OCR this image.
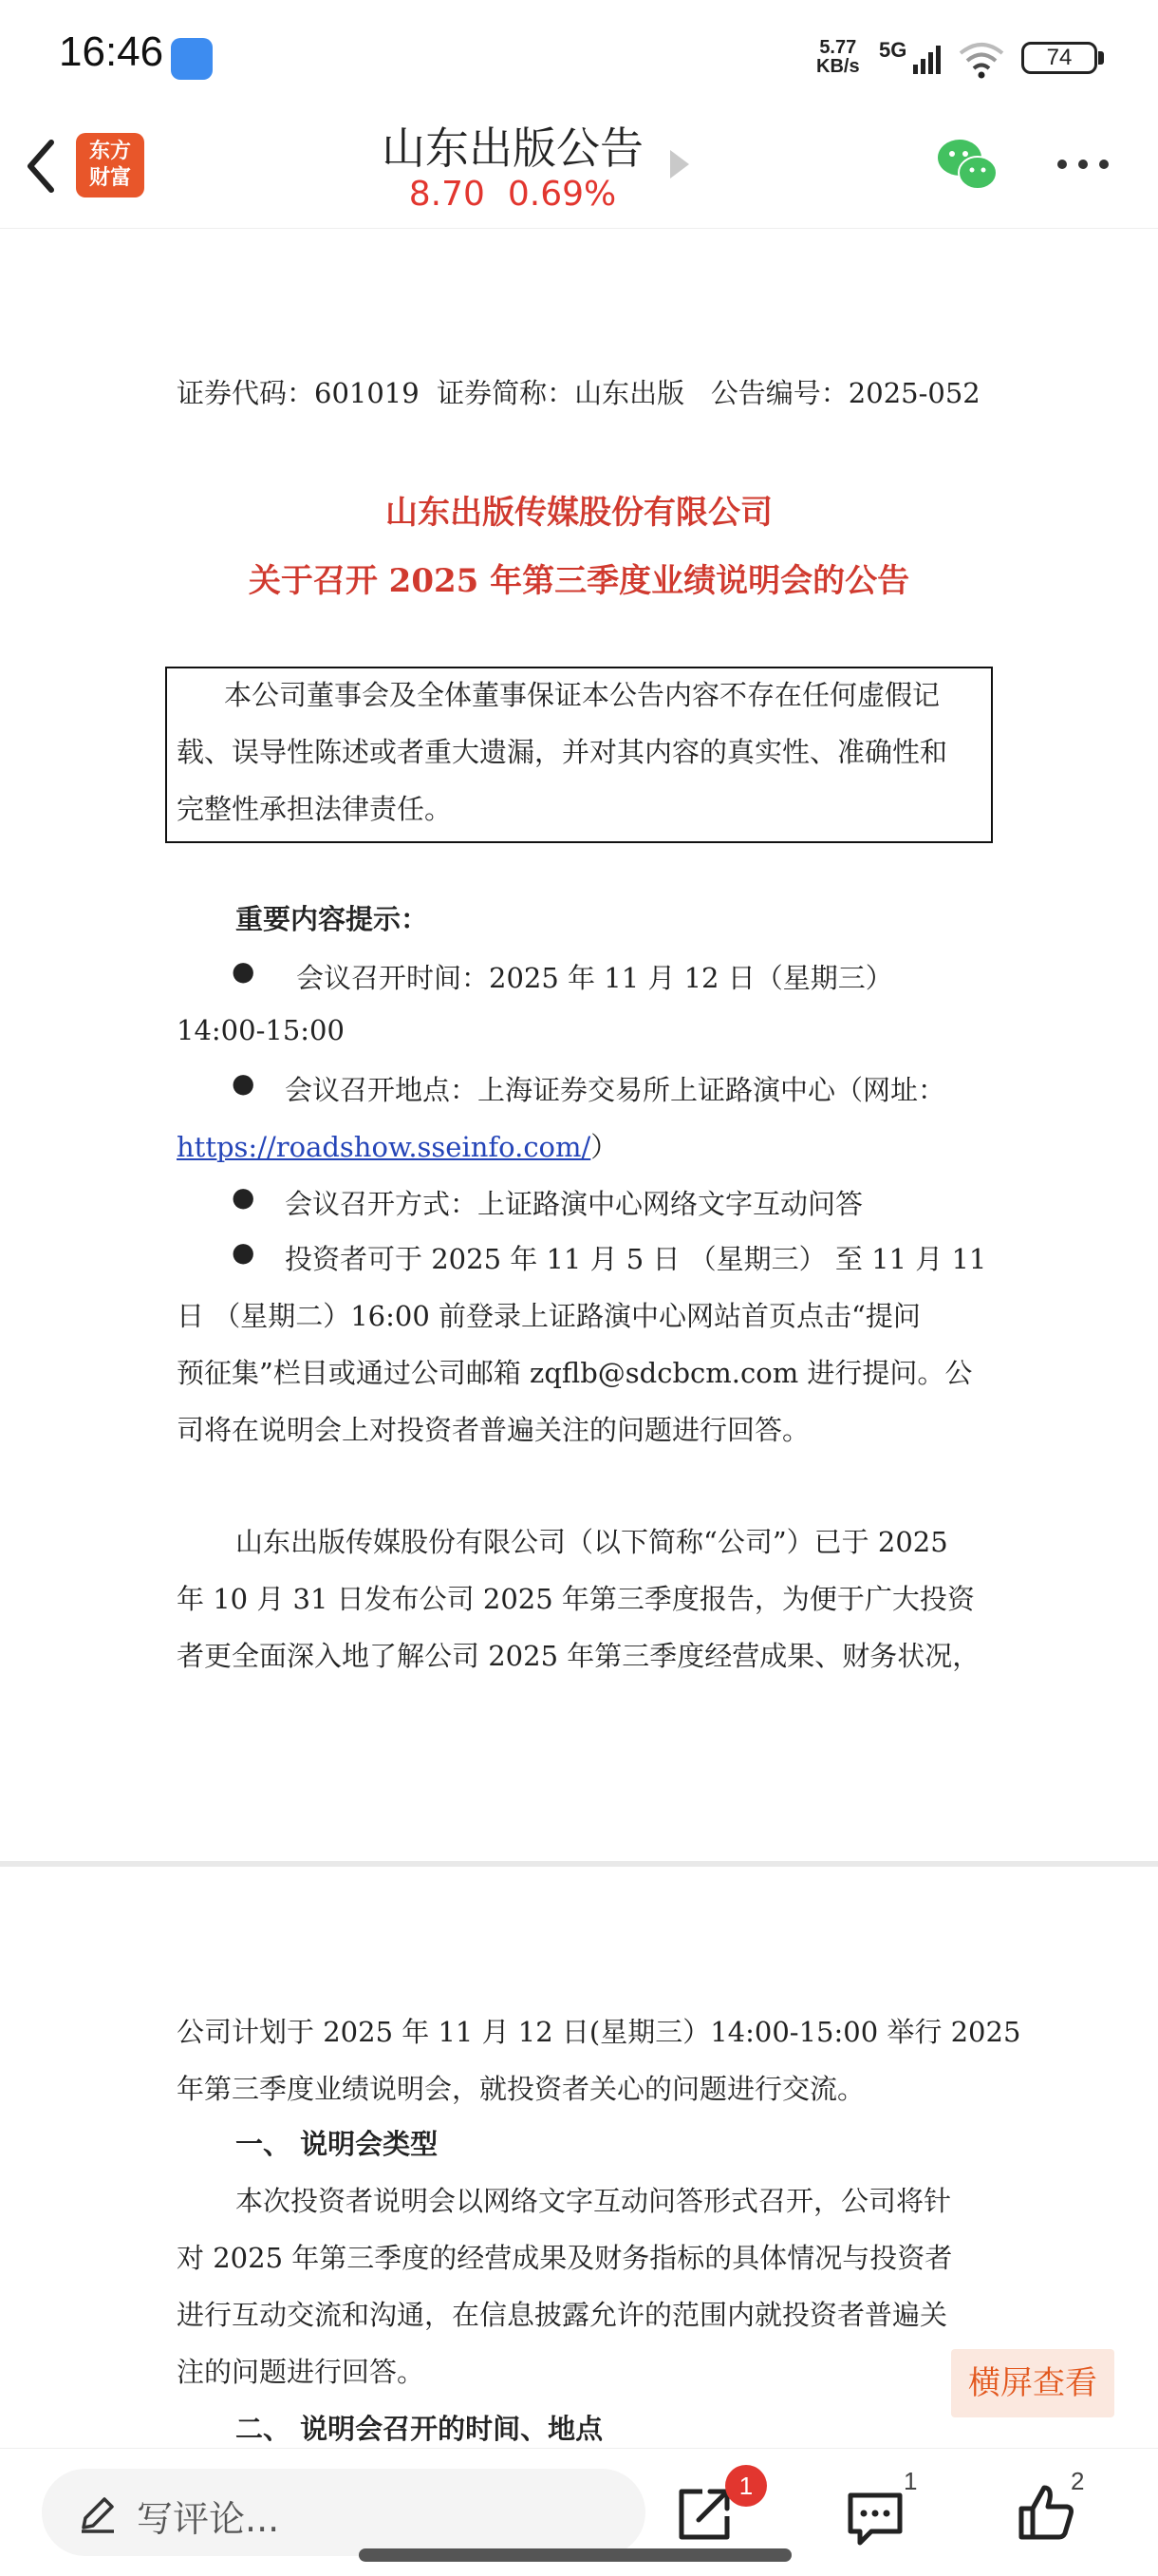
16:46	5.77
KB/s
5G	74
东方
财富
山东出版公告
8.70 0.69%
证券代码：601019  证券简称：山东出版   公告编号：2025-052
山东出版传媒股份有限公司
关于召开 2025 年第三季度业绩说明会的公告
本公司董事会及全体董事保证本公告内容不存在任何虚假记
载、误导性陈述或者重大遗漏，并对其内容的真实性、准确性和
完整性承担法律责任。
重要内容提示：
● 会议召开时间：2025 年 11 月 12 日（星期三）
14:00-15:00
● 会议召开地点：上海证券交易所上证路演中心（网址：
https://roadshow.sseinfo.com/）
● 会议召开方式：上证路演中心网络文字互动问答
● 投资者可于 2025 年 11 月 5 日 （星期三） 至 11 月 11
日 （星期二）16:00 前登录上证路演中心网站首页点击“提问
预征集”栏目或通过公司邮箱 zqflb@sdcbcm.com 进行提问。公
司将在说明会上对投资者普遍关注的问题进行回答。
山东出版传媒股份有限公司（以下简称“公司”）已于 2025
年 10 月 31 日发布公司 2025 年第三季度报告，为便于广大投资
者更全面深入地了解公司 2025 年第三季度经营成果、财务状况，
公司计划于 2025 年 11 月 12 日(星期三）14:00-15:00 举行 2025
年第三季度业绩说明会，就投资者关心的问题进行交流。
一、 说明会类型
本次投资者说明会以网络文字互动问答形式召开，公司将针
对 2025 年第三季度的经营成果及财务指标的具体情况与投资者
进行互动交流和沟通，在信息披露允许的范围内就投资者普遍关
注的问题进行回答。
二、 说明会召开的时间、地点
横屏查看
写评论...
1	1	2
